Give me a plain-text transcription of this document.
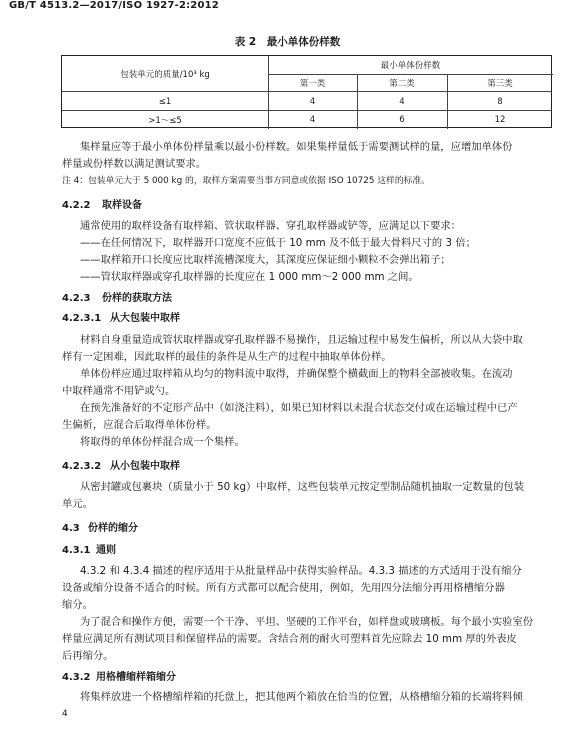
GB/T 4513.2—2017/ISO 1927-2:2012
表 2　最小单体份样数
包装单元的质量/10³ kg
最小单体份样数
第一类	第二类	第三类
≤1	4	4	8
>1～≤5	4	6	12
集样量应等于最小单体份样量乘以最小份样数。如果集样量低于需要测试样的量，应增加单体份
样量或份样数以满足测试要求。
注 4：包装单元大于 5 000 kg 的，取样方案需要当事方同意或依据 ISO 10725 这样的标准。
4.2.2 取样设备
通常使用的取样设备有取样箱、管状取样器、穿孔取样器或铲等，应满足以下要求：
——在任何情况下，取样器开口宽度不应低于 10 mm 及不低于最大骨料尺寸的 3 倍；
——取样箱开口长度应比取样流槽深度大，其深度应保证细小颗粒不会弹出箱子；
——管状取样器或穿孔取样器的长度应在 1 000 mm～2 000 mm 之间。
4.2.3 份样的获取方法
4.2.3.1 从大包装中取样
材料自身重量造成管状取样器或穿孔取样器不易操作，且运输过程中易发生偏析，所以从大袋中取
样有一定困难，因此取样的最佳的条件是从生产的过程中抽取单体份样。
单体份样应通过取样箱从均匀的物料流中取得，并确保整个横截面上的物料全部被收集。在流动
中取样通常不用铲或勺。
在预先准备好的不定形产品中（如浇注料），如果已知材料以未混合状态交付或在运输过程中已产
生偏析，应混合后取得单体份样。
将取得的单体份样混合成一个集样。
4.2.3.2 从小包装中取样
从密封罐或包裹块（质量小于 50 kg）中取样，这些包装单元按定型制品随机抽取一定数量的包装
单元。
4.3 份样的缩分
4.3.1 通则
4.3.2 和 4.3.4 描述的程序适用于从批量样品中获得实验样品。4.3.3 描述的方式适用于没有缩分
设备或缩分设备不适合的时候。所有方式都可以配合使用，例如，先用四分法缩分再用格槽缩分器
缩分。
为了混合和操作方便，需要一个干净、平坦、坚硬的工作平台，如样盘或玻璃板。每个最小实验室份
样量应满足所有测试项目和保留样品的需要。含结合剂的耐火可塑料首先应除去 10 mm 厚的外表皮
后再缩分。
4.3.2 用格槽缩样箱缩分
将集样放进一个格槽缩样箱的托盘上，把其他两个箱放在恰当的位置，从格槽缩分箱的长端将料倾
4
